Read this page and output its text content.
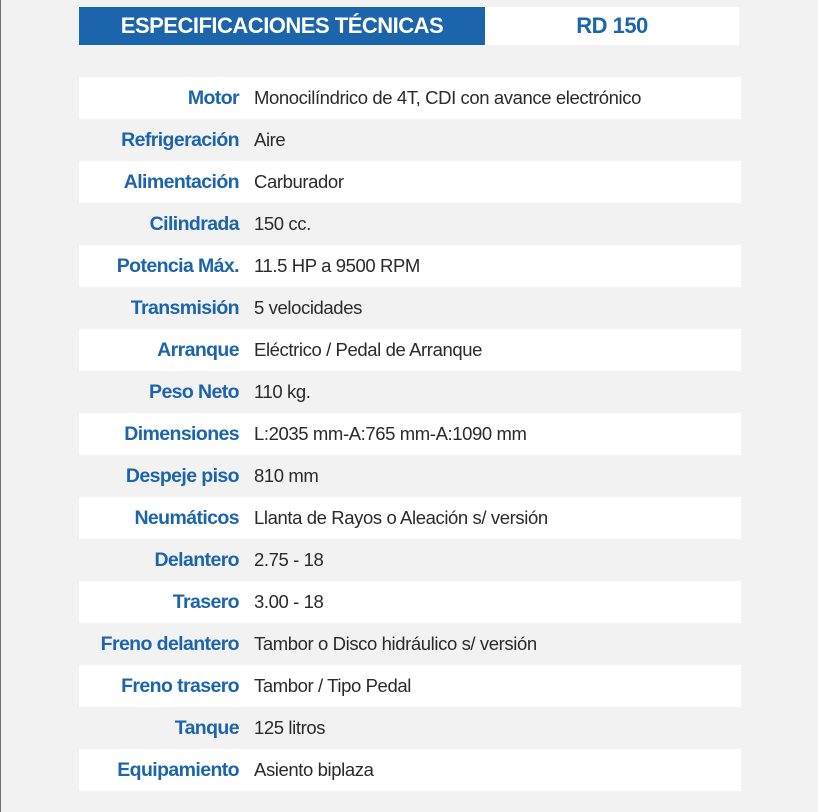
ESPECIFICACIONES TÉCNICAS	RD 150
Motor Monocilíndrico de 4T, CDI con avance electrónico
Refrigeración Aire
Alimentación Carburador
Cilindrada 150 cc.
Potencia Máx. 11.5 HP a 9500 RPM
Transmisión 5 velocidades
Arranque Eléctrico / Pedal de Arranque
Peso Neto 110 kg.
Dimensiones L:2035 mm-A:765 mm-A:1090 mm
Despeje piso 810 mm
Neumáticos Llanta de Rayos o Aleación s/ versión
Delantero 2.75 - 18
Trasero 3.00 - 18
Freno delantero Tambor o Disco hidráulico s/ versión
Freno trasero Tambor / Tipo Pedal
Tanque 125 litros
Equipamiento Asiento biplaza
